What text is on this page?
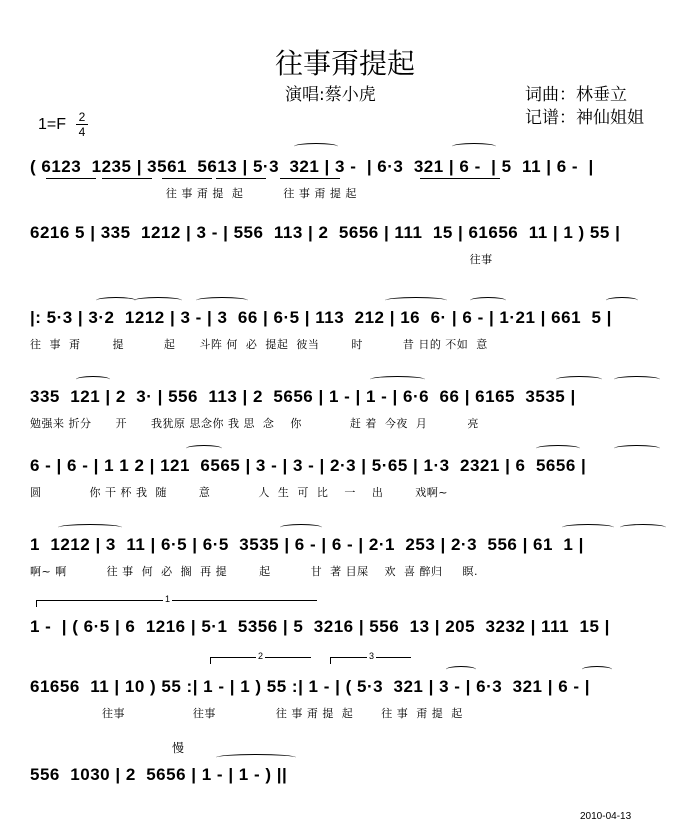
往事甭提起
演唱:蔡小虎	词曲：林垂立
记谱：神仙姐姐
1=F 2
4
( 6123  1235 | 3561  5613 | 5·3  321 | 3 -  | 6·3  321 | 6 -  | 5  11 | 6 -  |
往 事 甭 提  起          往 事 甭 提 起
6216 5 | 335  1212 | 3 - | 556  113 | 2  5656 | 111  15 | 61656  11 | 1 ) 55 |
往事
|: 5·3 | 3·2  1212 | 3 - | 3  66 | 6·5 | 113  212 | 16  6· | 6 - | 1·21 | 661  5 |
往  事  甭        提          起      斗阵 何  必  提起  彼当        时          昔 日的 不如  意
335  121 | 2  3· | 556  113 | 2  5656 | 1 - | 1 - | 6·6  66 | 6165  3535 |
勉强来 折分      开      我犹原 思念你 我 思  念    你            赶 着  今夜  月          亮
6 - | 6 - | 1 1 2 | 121  6565 | 3 - | 3 - | 2·3 | 5·65 | 1·3  2321 | 6  5656 |
圆            你 干 杯 我  随        意            人  生  可  比    一    出        戏啊~
1  1212 | 3  11 | 6·5 | 6·5  3535 | 6 - | 6 - | 2·1  253 | 2·3  556 | 61  1 |
啊~ 啊          往 事  何  必  搁  再 提        起          甘  著 目屎    欢  喜 醉归     瞑.
1 -  | ( 6·5 | 6  1216 | 5·1  5356 | 5  3216 | 556  13 | 205  3232 | 111  15 |
61656  11 | 10 ) 55 :| 1 - | 1 ) 55 :| 1 - | ( 5·3  321 | 3 - | 6·3  321 | 6 - |
往事                 往事               往 事 甭 提  起       往 事  甭 提  起
556  1030 | 2  5656 | 1 - | 1 - ) ||
慢
1
2	3
2010-04-13
